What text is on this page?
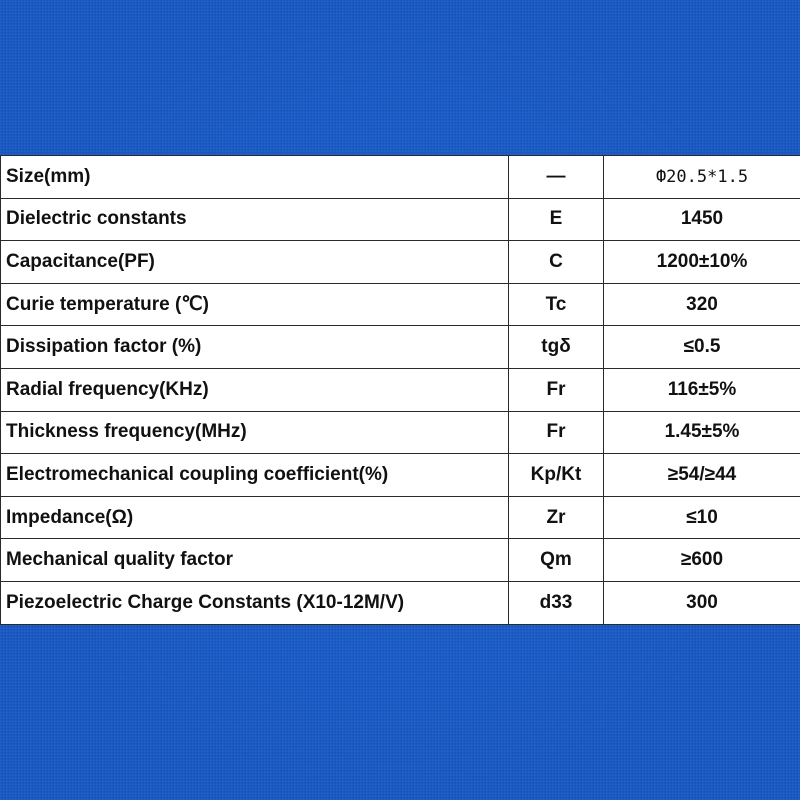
Size(mm)	—	Ф20.5*1.5
Dielectric constants	E	1450
Capacitance(PF)	C	1200±10%
Curie temperature (℃)	Tc	320
Dissipation factor (%)	tgδ	≤0.5
Radial frequency(KHz)	Fr	116±5%
Thickness frequency(MHz)	Fr	1.45±5%
Electromechanical coupling coefficient(%)	Kp/Kt	≥54/≥44
Impedance(Ω)	Zr	≤10
Mechanical quality factor	Qm	≥600
Piezoelectric Charge Constants (X10-12M/V)	d33	300
